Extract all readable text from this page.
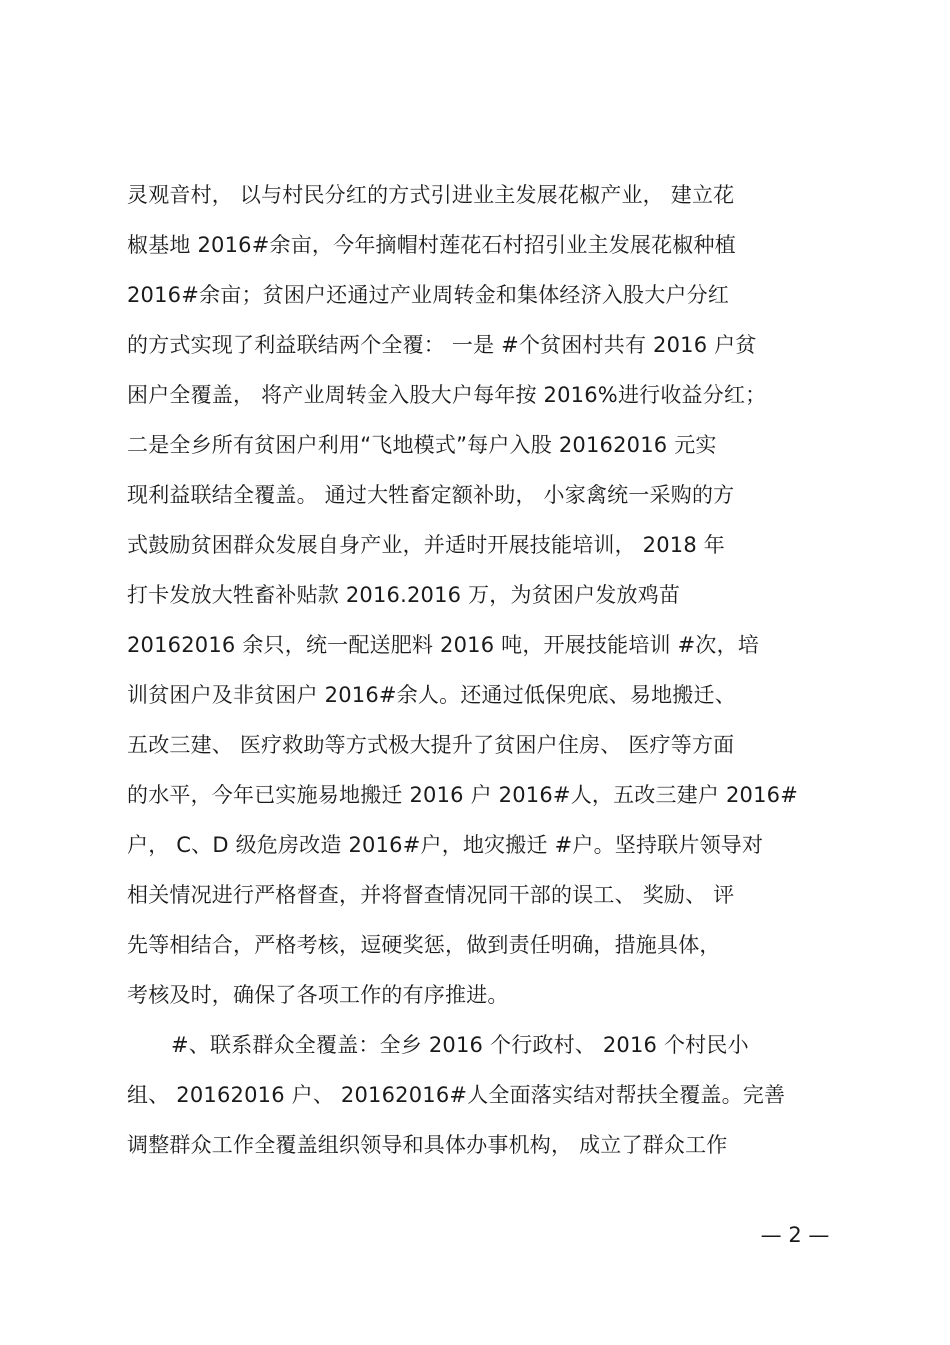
灵观音村， 以与村民分红的方式引进业主发展花椒产业， 建立花
椒基地 2016#余亩，今年摘帽村莲花石村招引业主发展花椒种植
2016#余亩；贫困户还通过产业周转金和集体经济入股大户分红
的方式实现了利益联结两个全覆： 一是 #个贫困村共有 2016 户贫
困户全覆盖， 将产业周转金入股大户每年按 2016%进行收益分红；
二是全乡所有贫困户利用“飞地模式”每户入股 20162016 元实
现利益联结全覆盖。 通过大牲畜定额补助， 小家禽统一采购的方
式鼓励贫困群众发展自身产业，并适时开展技能培训， 2018 年
打卡发放大牲畜补贴款 2016.2016 万，为贫困户发放鸡苗
20162016 余只，统一配送肥料 2016 吨，开展技能培训 #次，培
训贫困户及非贫困户 2016#余人。还通过低保兜底、易地搬迁、
五改三建、 医疗救助等方式极大提升了贫困户住房、 医疗等方面
的水平，今年已实施易地搬迁 2016 户 2016#人，五改三建户 2016#
户， C、D 级危房改造 2016#户，地灾搬迁 #户。坚持联片领导对
相关情况进行严格督查，并将督查情况同干部的误工、 奖励、 评
先等相结合，严格考核，逗硬奖惩，做到责任明确，措施具体，
考核及时，确保了各项工作的有序推进。
#、联系群众全覆盖：全乡 2016 个行政村、 2016 个村民小
组、 20162016 户、 20162016#人全面落实结对帮扶全覆盖。完善
调整群众工作全覆盖组织领导和具体办事机构， 成立了群众工作
— 2 —
